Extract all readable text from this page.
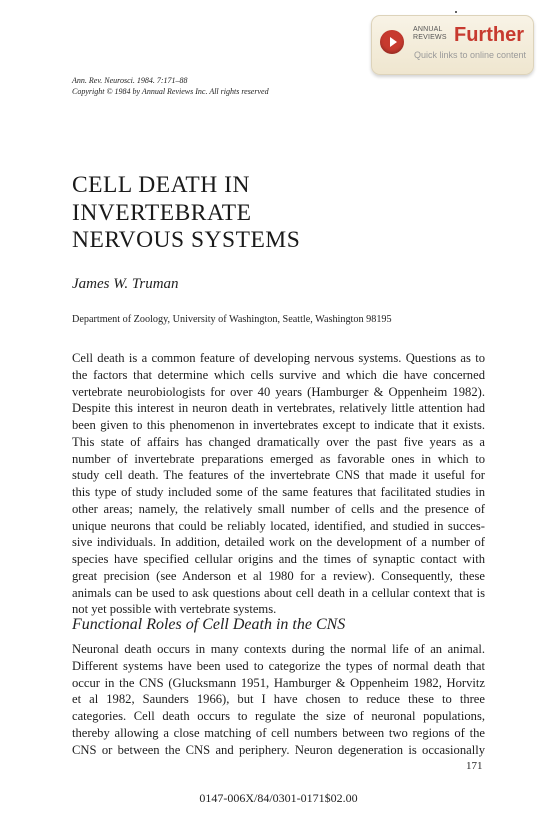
ANNUAL
REVIEWS Further
Quick links to online content
Ann. Rev. Neurosci. 1984. 7:171–88
Copyright © 1984 by Annual Reviews Inc. All rights reserved
CELL DEATH IN
INVERTEBRATE
NERVOUS SYSTEMS
James W. Truman
Department of Zoology, University of Washington, Seattle, Washington 98195

Cell death is a common feature of developing nervous systems. Questions as to
the factors that determine which cells survive and which die have concerned
vertebrate neurobiologists for over 40 years (Hamburger & Oppenheim 1982).
Despite this interest in neuron death in vertebrates, relatively little attention had
been given to this phenomenon in invertebrates except to indicate that it exists.
This state of affairs has changed dramatically over the past five years as a
number of invertebrate preparations emerged as favorable ones in which to
study cell death. The features of the invertebrate CNS that made it useful for
this type of study included some of the same features that facilitated studies in
other areas; namely, the relatively small number of cells and the presence of
unique neurons that could be reliably located, identified, and studied in succes-
sive individuals. In addition, detailed work on the development of a number of
species have specified cellular origins and the times of synaptic contact with
great precision (see Anderson et al 1980 for a review). Consequently, these
animals can be used to ask questions about cell death in a cellular context that is
not yet possible with vertebrate systems.

Functional Roles of Cell Death in the CNS

Neuronal death occurs in many contexts during the normal life of an animal.
Different systems have been used to categorize the types of normal death that
occur in the CNS (Glucksmann 1951, Hamburger & Oppenheim 1982, Horvitz
et al 1982, Saunders 1966), but I have chosen to reduce these to three
categories. Cell death occurs to regulate the size of neuronal populations,
thereby allowing a close matching of cell numbers between two regions of the
CNS or between the CNS and periphery. Neuron degeneration is occasionally

171
0147-006X/84/0301-0171$02.00
